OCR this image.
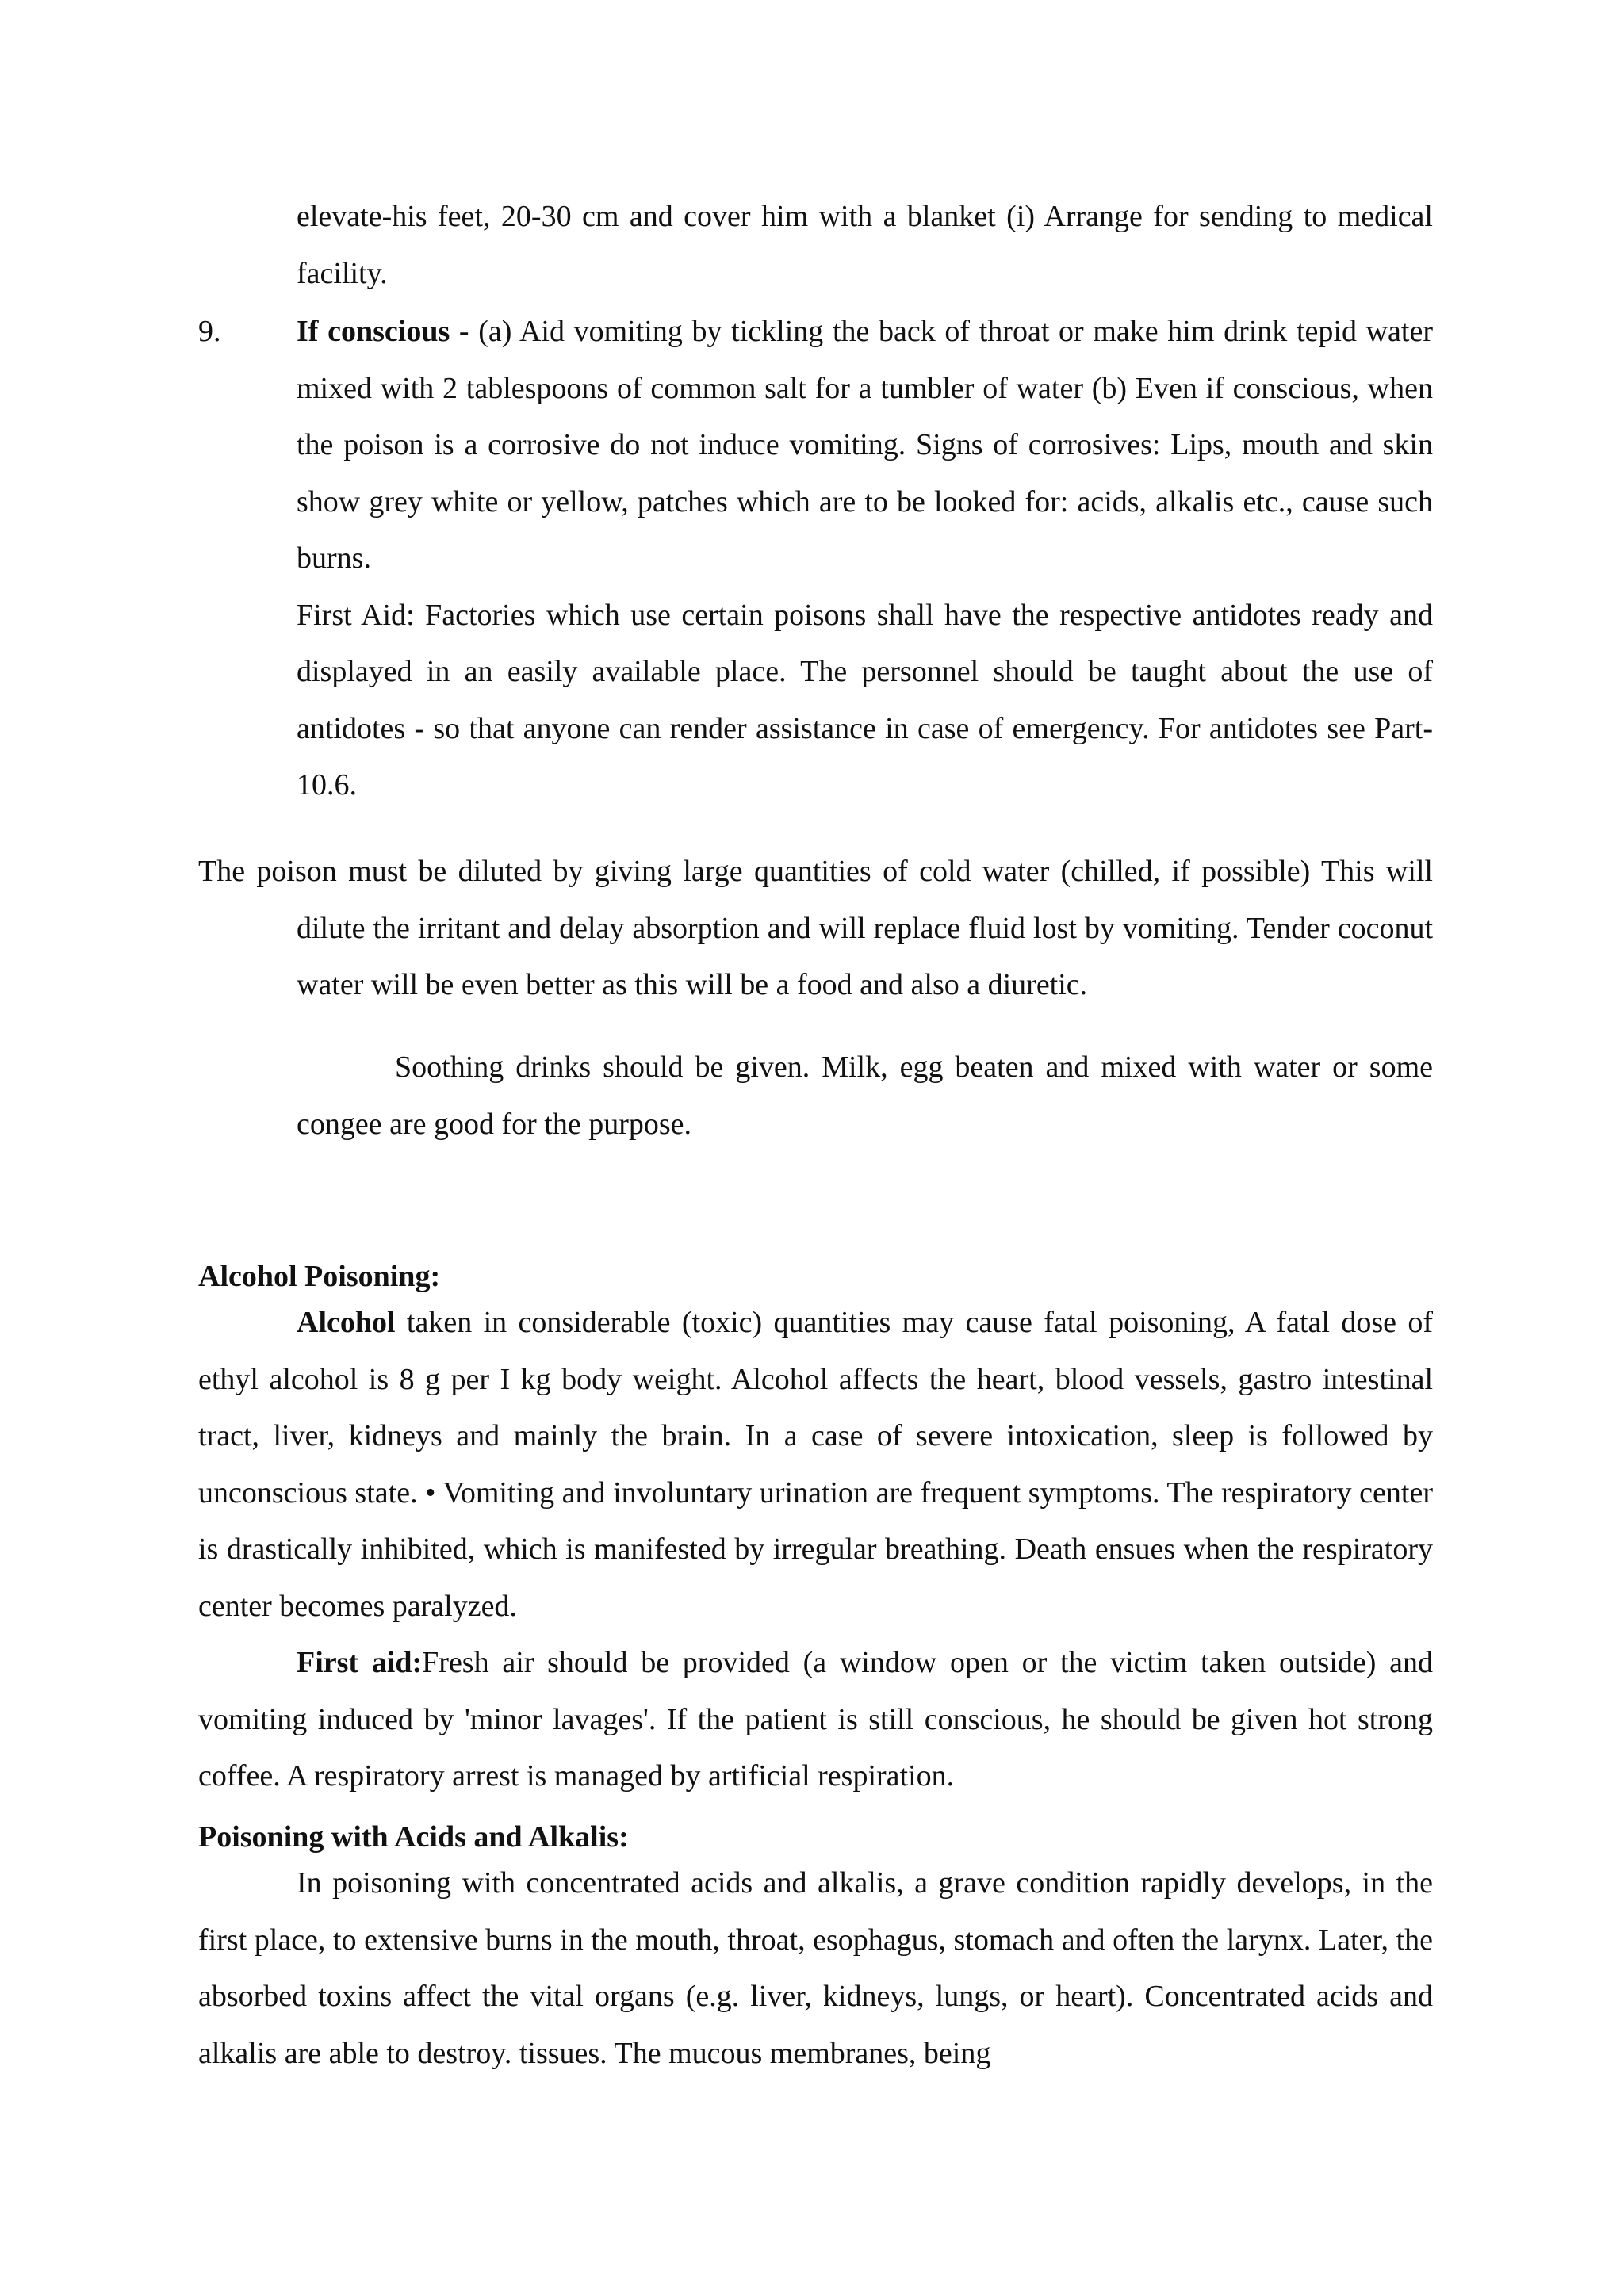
elevate-his feet, 20-30 cm and cover him with a blanket (i) Arrange for sending to medical facility.

9.	If conscious - (a) Aid vomiting by tickling the back of throat or make him drink tepid water mixed with 2 tablespoons of common salt for a tumbler of water (b) Even if conscious, when the poison is a corrosive do not induce vomiting. Signs of corrosives: Lips, mouth and skin show grey white or yellow, patches which are to be looked for: acids, alkalis etc., cause such burns.

First Aid: Factories which use certain poisons shall have the respective antidotes ready and displayed in an easily available place. The personnel should be taught about the use of antidotes - so that anyone can render assistance in case of emergency. For antidotes see Part-10.6.

The poison must be diluted by giving large quantities of cold water (chilled, if possible) This will dilute the irritant and delay absorption and will replace fluid lost by vomiting. Tender coconut water will be even better as this will be a food and also a diuretic.
Soothing drinks should be given. Milk, egg beaten and mixed with water or some congee are good for the purpose.
Alcohol Poisoning:

Alcohol taken in considerable (toxic) quantities may cause fatal poisoning, A fatal dose of ethyl alcohol is 8 g per I kg body weight. Alcohol affects the heart, blood vessels, gastro intestinal tract, liver, kidneys and mainly the brain. In a case of severe intoxication, sleep is followed by unconscious state. • Vomiting and involuntary urination are frequent symptoms. The respiratory center is drastically inhibited, which is manifested by irregular breathing. Death ensues when the respiratory center becomes paralyzed.

First aid:Fresh air should be provided (a window open or the victim taken outside) and vomiting induced by 'minor lavages'. If the patient is still conscious, he should be given hot strong coffee. A respiratory arrest is managed by artificial respiration.

Poisoning with Acids and Alkalis:
In poisoning with concentrated acids and alkalis, a grave condition rapidly develops, in the first place, to extensive burns in the mouth, throat, esophagus, stomach and often the larynx. Later, the absorbed toxins affect the vital organs (e.g. liver, kidneys, lungs, or heart). Concentrated acids and alkalis are able to destroy. tissues. The mucous membranes, being
